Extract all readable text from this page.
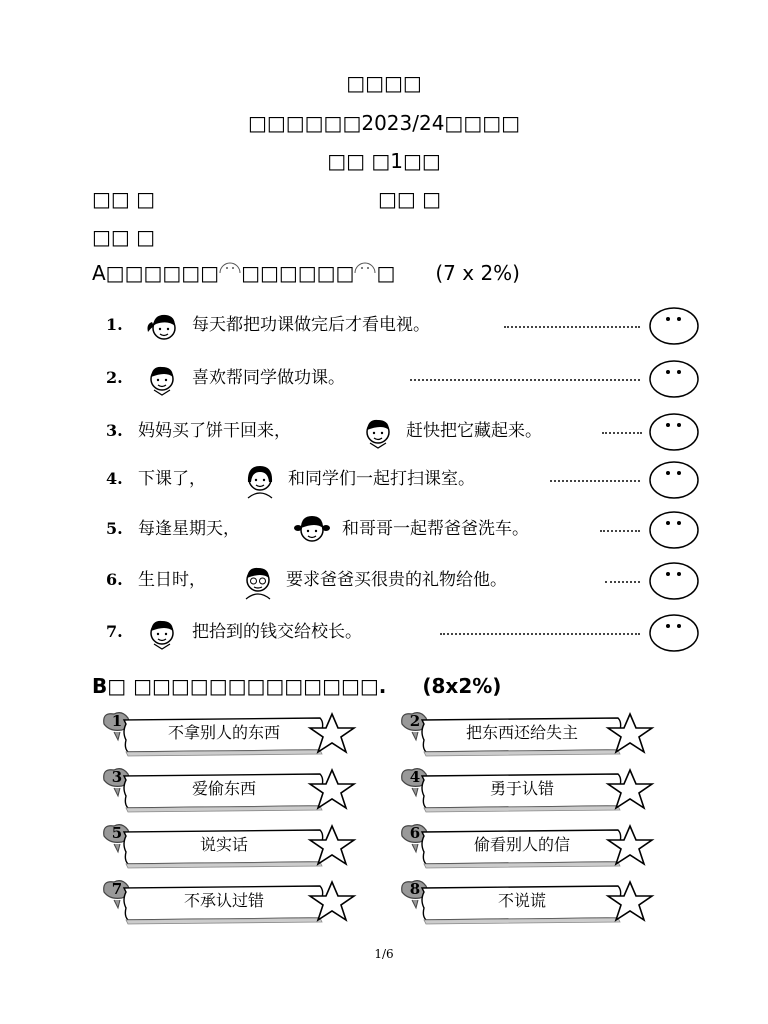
□□□□
□□□□□□2023/24□□□□
□□ □1□□
□□ □	□□ □
□□ □
A□□□□□□ □□□□□□ □ (7 x 2%)
1.	每天都把功课做完后才看电视。
2.	喜欢帮同学做功课。
3. 妈妈买了饼干回来，	赶快把它藏起来。
4. 下课了，	和同学们一起打扫课室。
5. 每逢星期天，	和哥哥一起帮爸爸洗车。
6. 生日时，	要求爸爸买很贵的礼物给他。
7.	把拾到的钱交给校长。
B□ □□□□□□□□□□□□□. (8x2%)
1
不拿别人的东西
2
把东西还给失主
3
爱偷东西
4
勇于认错
5
说实话
6
偷看别人的信
7
不承认过错
8
不说谎
1/6
